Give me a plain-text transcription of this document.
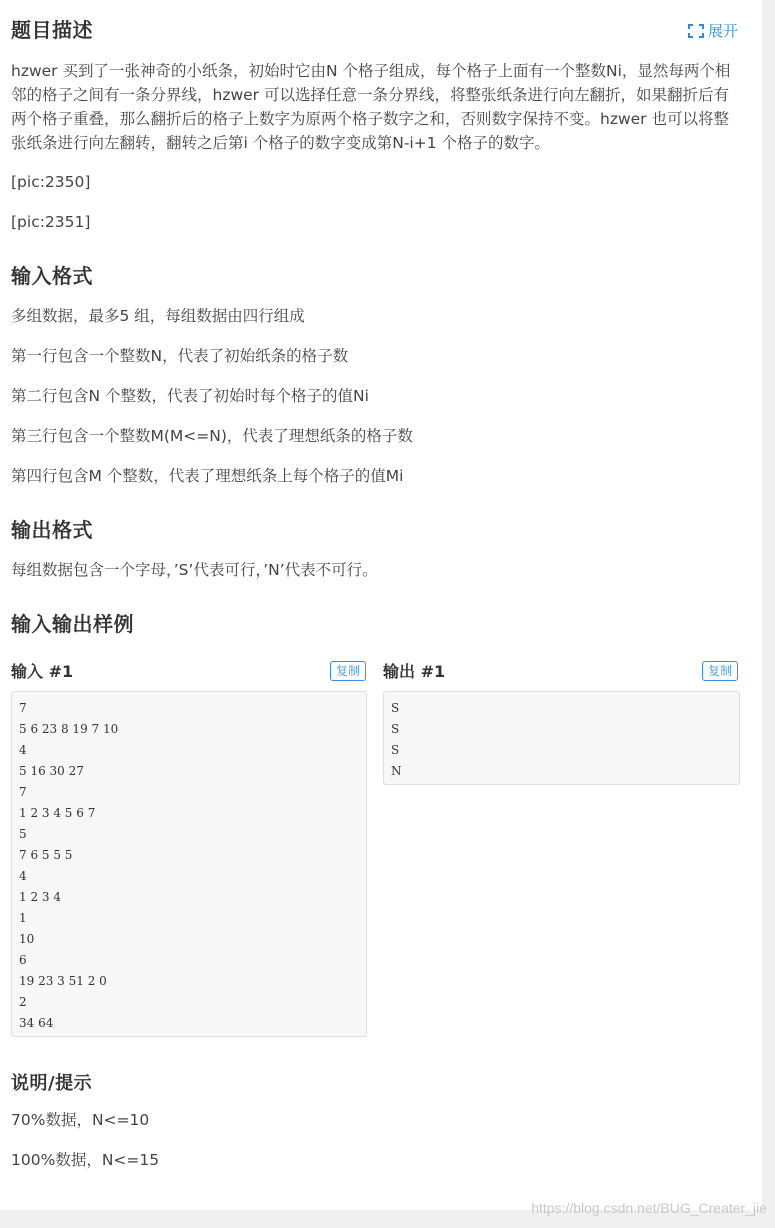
题目描述	展开
hzwer 买到了一张神奇的小纸条，初始时它由N 个格子组成，每个格子上面有一个整数Ni，显然每两个相邻的格子之间有一条分界线，hzwer 可以选择任意一条分界线，将整张纸条进行向左翻折，如果翻折后有两个格子重叠，那么翻折后的格子上数字为原两个格子数字之和，否则数字保持不变。hzwer 也可以将整张纸条进行向左翻转，翻转之后第i 个格子的数字变成第N-i+1 个格子的数字。
[pic:2350]
[pic:2351]
输入格式
多组数据，最多5 组，每组数据由四行组成
第一行包含一个整数N，代表了初始纸条的格子数
第二行包含N 个整数，代表了初始时每个格子的值Ni
第三行包含一个整数M(M<=N)，代表了理想纸条的格子数
第四行包含M 个整数，代表了理想纸条上每个格子的值Mi
输出格式
每组数据包含一个字母，’S’代表可行，’N’代表不可行。
输入输出样例
输入 #1	复制	输出 #1	复制
7
5 6 23 8 19 7 10
4
5 16 30 27
7
1 2 3 4 5 6 7
5
7 6 5 5 5
4
1 2 3 4
1
10
6
19 23 3 51 2 0
2
34 64
S
S
S
N
说明/提示
70%数据，N<=10
100%数据，N<=15
https://blog.csdn.net/BUG_Creater_jie
